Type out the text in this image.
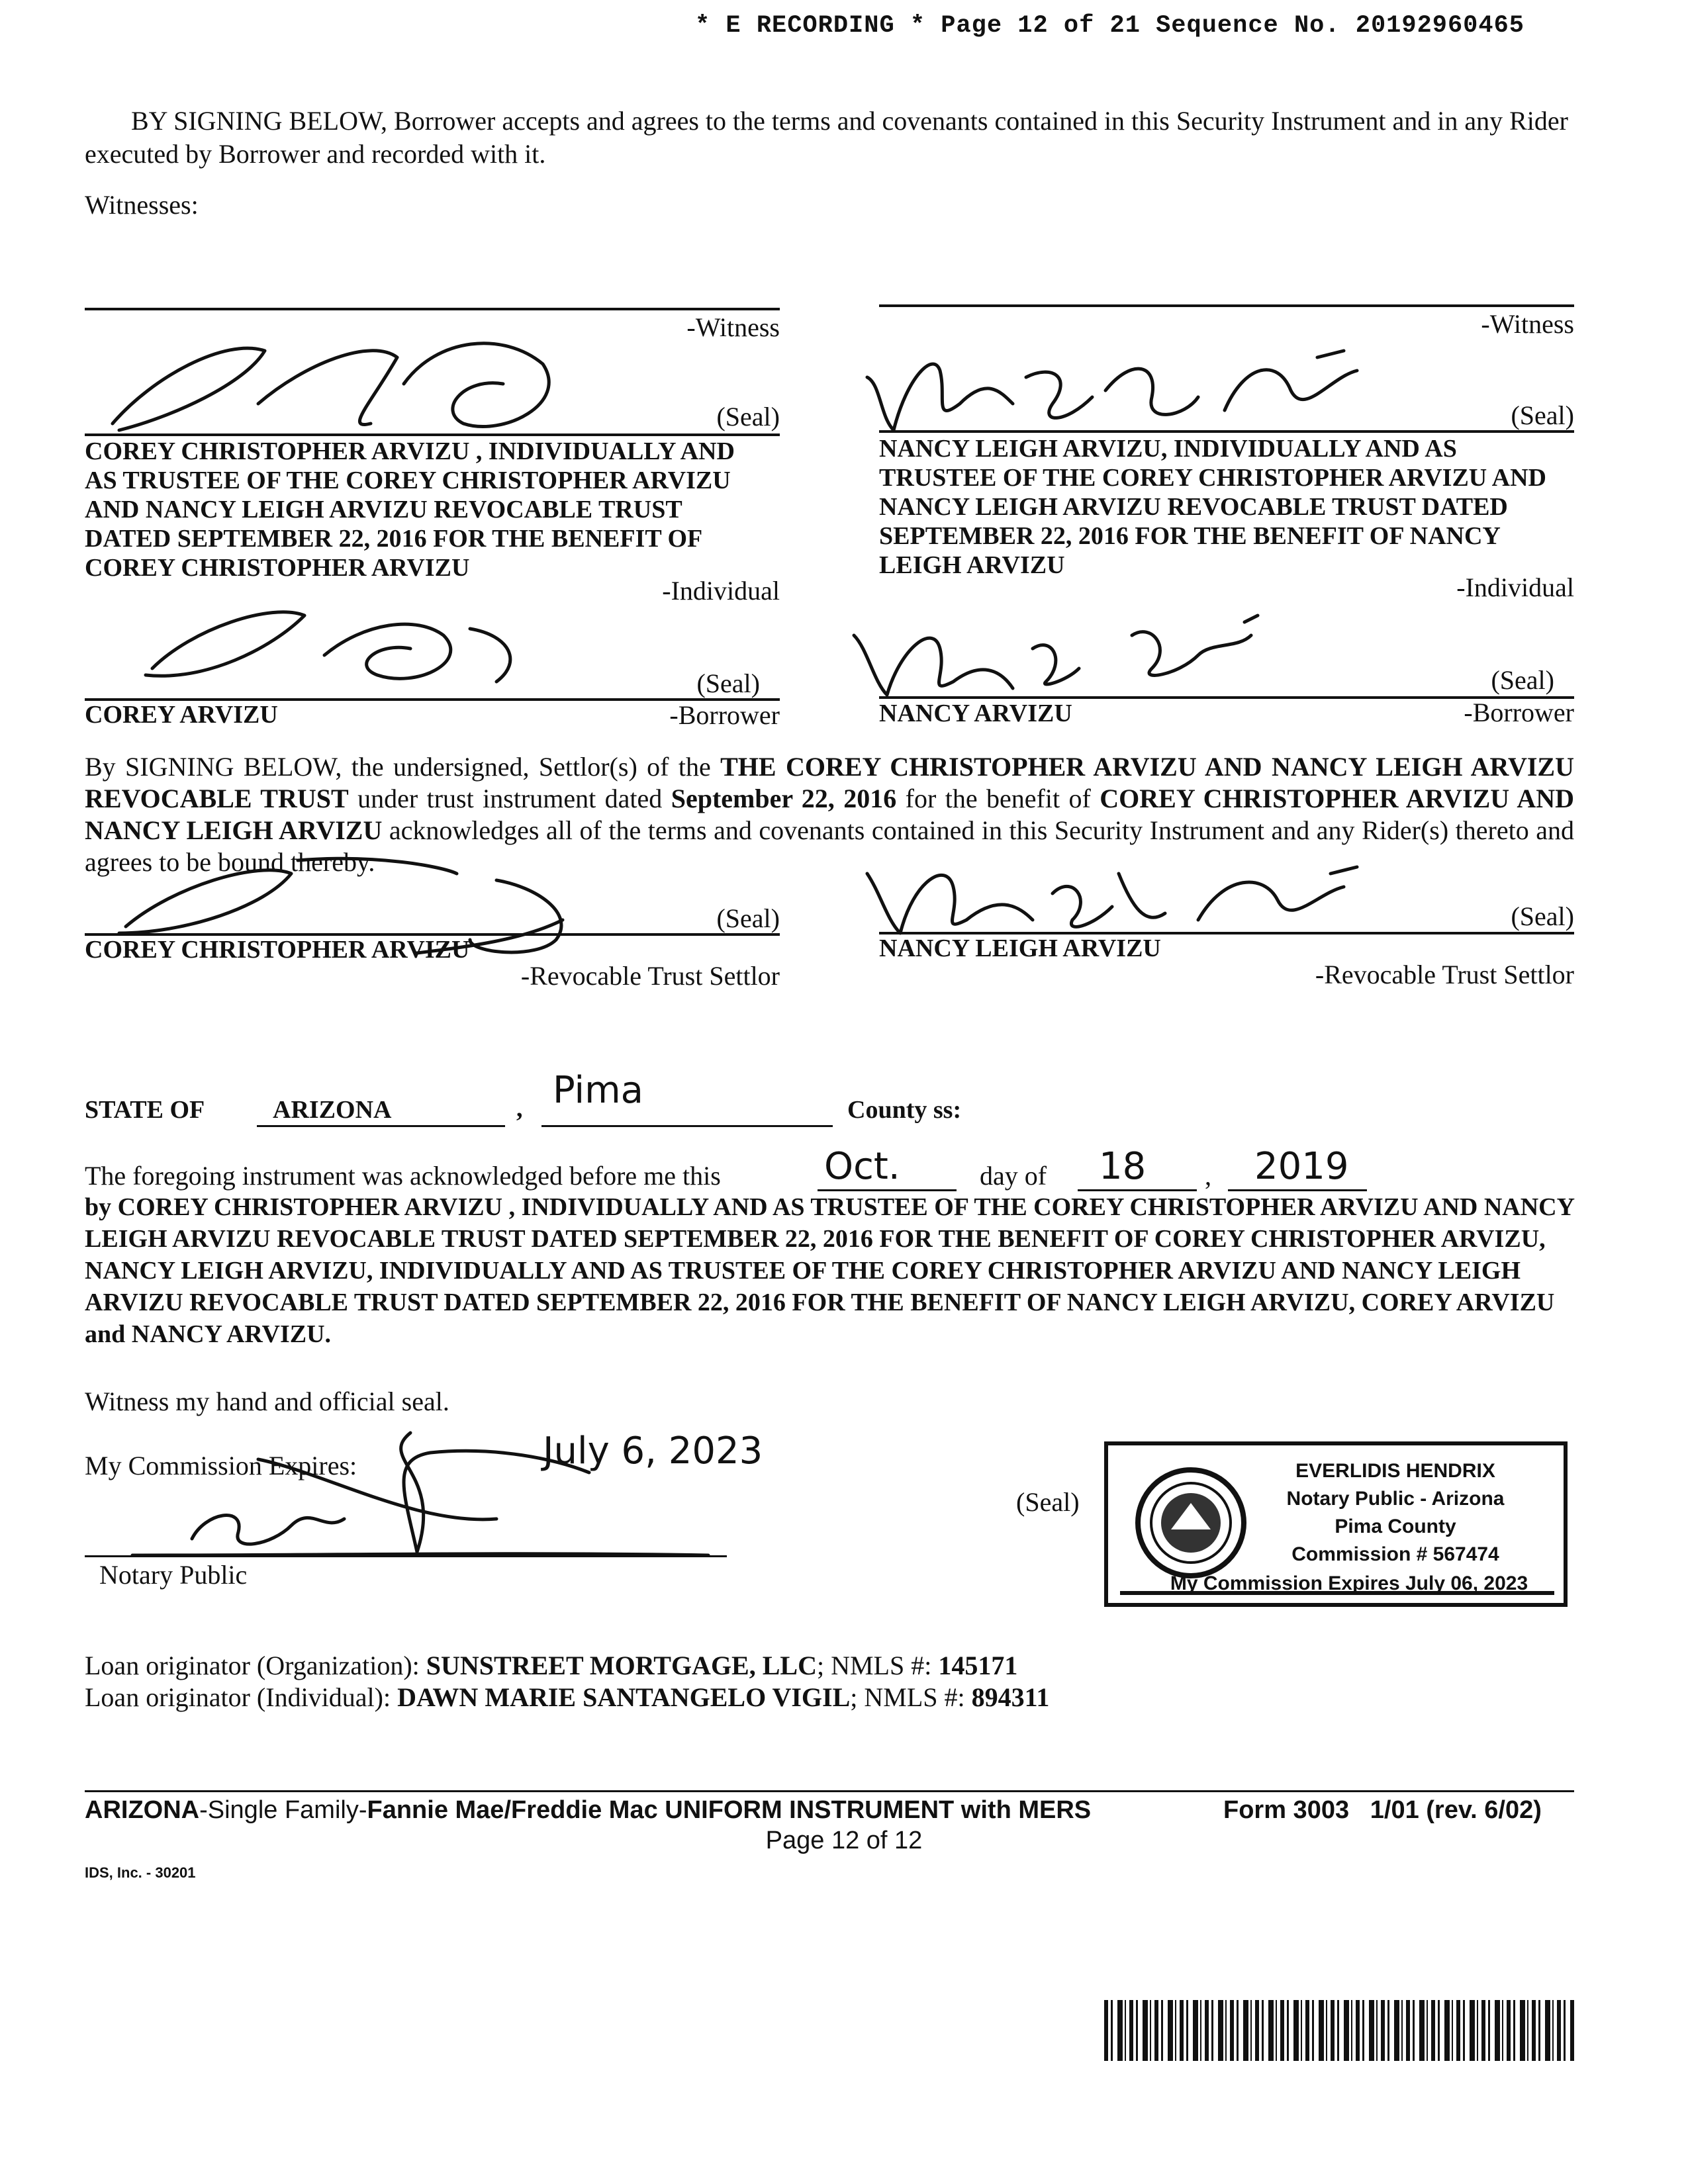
* E RECORDING * Page 12 of 21 Sequence No. 20192960465
BY SIGNING BELOW, Borrower accepts and agrees to the terms and covenants contained in this Security Instrument and in any Rider executed by Borrower and recorded with it.
Witnesses:
-Witness	-Witness
(Seal)
COREY CHRISTOPHER ARVIZU , INDIVIDUALLY AND AS TRUSTEE OF THE COREY CHRISTOPHER ARVIZU AND NANCY LEIGH ARVIZU REVOCABLE TRUST DATED SEPTEMBER 22, 2016 FOR THE BENEFIT OF COREY CHRISTOPHER ARVIZU
-Individual
(Seal)
NANCY LEIGH ARVIZU, INDIVIDUALLY AND AS TRUSTEE OF THE COREY CHRISTOPHER ARVIZU AND NANCY LEIGH ARVIZU REVOCABLE TRUST DATED SEPTEMBER 22, 2016 FOR THE BENEFIT OF NANCY LEIGH ARVIZU
-Individual
(Seal)
COREY ARVIZU	-Borrower
(Seal)
NANCY ARVIZU	-Borrower
By SIGNING BELOW, the undersigned, Settlor(s) of the THE COREY CHRISTOPHER ARVIZU AND NANCY LEIGH ARVIZU REVOCABLE TRUST under trust instrument dated September 22, 2016 for the benefit of COREY CHRISTOPHER ARVIZU AND NANCY LEIGH ARVIZU acknowledges all of the terms and covenants contained in this Security Instrument and any Rider(s) thereto and agrees to be bound thereby.
(Seal)
COREY CHRISTOPHER ARVIZU
-Revocable Trust Settlor
(Seal)
NANCY LEIGH ARVIZU
-Revocable Trust Settlor
STATE OF	ARIZONA	, Pima	County ss:
The foregoing instrument was acknowledged before me this	Oct.	day of 18 , 2019
by COREY CHRISTOPHER ARVIZU , INDIVIDUALLY AND AS TRUSTEE OF THE COREY CHRISTOPHER ARVIZU AND NANCY LEIGH ARVIZU REVOCABLE TRUST DATED SEPTEMBER 22, 2016 FOR THE BENEFIT OF COREY CHRISTOPHER ARVIZU, NANCY LEIGH ARVIZU, INDIVIDUALLY AND AS TRUSTEE OF THE COREY CHRISTOPHER ARVIZU AND NANCY LEIGH ARVIZU REVOCABLE TRUST DATED SEPTEMBER 22, 2016 FOR THE BENEFIT OF NANCY LEIGH ARVIZU, COREY ARVIZU and NANCY ARVIZU.
Witness my hand and official seal.
My Commission Expires:	July 6, 2023
Notary Public
(Seal)
EVERLIDIS HENDRIX
Notary Public - Arizona
Pima County
Commission # 567474
My Commission Expires July 06, 2023
Loan originator (Organization): SUNSTREET MORTGAGE, LLC; NMLS #: 145171
Loan originator (Individual): DAWN MARIE SANTANGELO VIGIL; NMLS #: 894311
ARIZONA-Single Family-Fannie Mae/Freddie Mac UNIFORM INSTRUMENT with MERS	Form 3003   1/01 (rev. 6/02)
Page 12 of 12
IDS, Inc. - 30201
